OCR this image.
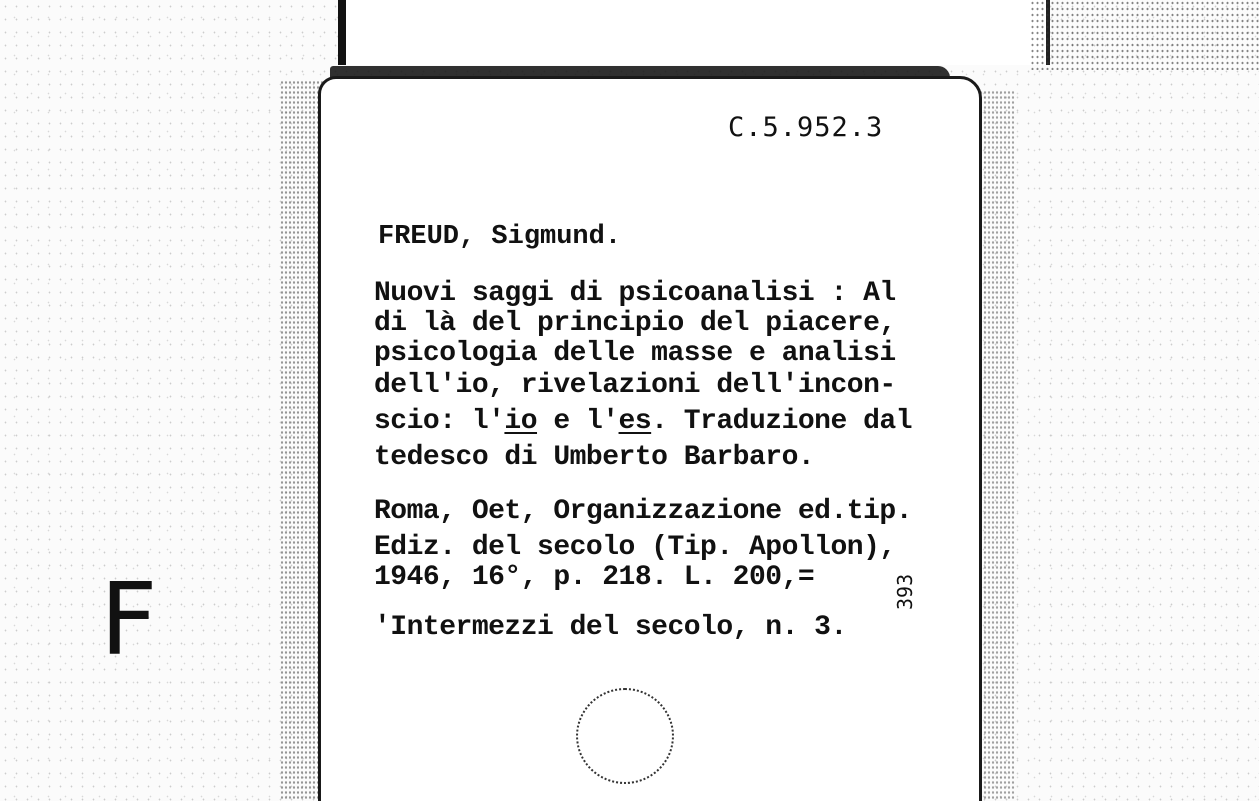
C.5.952.3
FREUD, Sigmund.
Nuovi saggi di psicoanalisi : Al
di là del principio del piacere,
psicologia delle masse e analisi
dell'io, rivelazioni dell'incon-
scio: l'io e l'es. Traduzione dal
tedesco di Umberto Barbaro.
Roma, Oet, Organizzazione ed.tip.
Ediz. del secolo (Tip. Apollon),
1946, 16°, p. 218. L. 200,=
'Intermezzi del secolo, n. 3.
393
F
